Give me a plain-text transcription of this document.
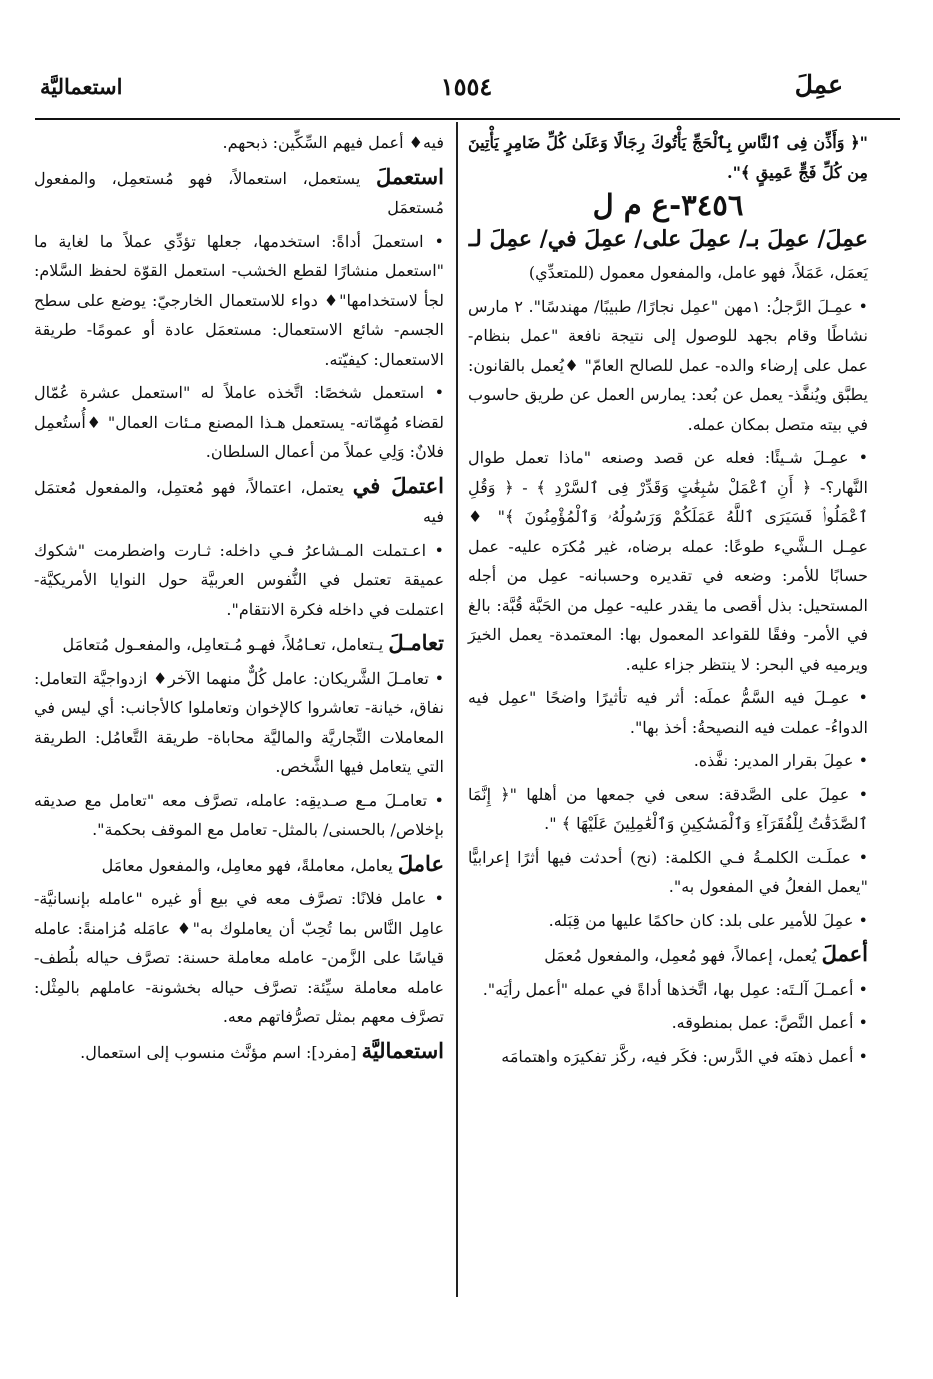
عمِلَ
١٥٥٤
استعماليَّة

"﴿ وَأَذِّن فِى ٱلنَّاسِ بِٱلْحَجِّ يَأْتُوكَ رِجَالًا وَعَلَىٰ كُلِّ ضَامِرٍ يَأْتِينَ مِن كُلِّ فَجٍّ عَمِيقٍ ﴾".

٣٤٥٦-ع م ل

عمِلَ/ عمِلَ بـ/ عمِلَ على/ عمِلَ في/ عمِلَ لـ

يَعمَل، عَمَلاً، فهو عامل، والمفعول معمول (للمتعدِّي)

• عمِـلَ الرَّجلُ: ١مهن "عمِل نجارًا/ طبيبًا/ مهندسًا". ٢ مارس نشاطًا وقام بجهد للوصول إلى نتيجة نافعة "عمل بنظام- عمل على إرضاء والده- عمل للصالح العامّ" ♦يُعمل بالقانون: يطبَّق ويُنفَّذ- يعمل عن بُعد: يمارس العمل عن طريق حاسوب في بيته متصل بمكان عمله.

• عمِـلَ شـيئًا: فعله عن قصد وصنعه "ماذا تعمل طوال النَّهار؟- ﴿ أَنِ ٱعْمَلْ سَٰبِغَٰتٍ وَقَدِّرْ فِى ٱلسَّرْدِ ﴾ - ﴿ وَقُلِ ٱعْمَلُوا۟ فَسَيَرَى ٱللَّهُ عَمَلَكُمْ وَرَسُولُهُۥ وَٱلْمُؤْمِنُونَ ﴾" ♦ عمِـل الـشَّيء طوعًا: عمله برضاه، غير مُكرَه عليه- عمل حسابًا للأمر: وضعه في تقديره وحسبانه- عمِل من أجله المستحيل: بذل أقصى ما يقدر عليه- عمِل من الحَبَّة قُبَّة: بالغ في الأمر- وفقًا للقواعد المعمول بها: المعتمدة- يعمل الخيرَ ويرميه في البحر: لا ينتظر جزاء عليه.

• عمِـلَ فيه السَّمُّ عملَه: أثر فيه تأثيرًا واضحًا "عمِل فيه الدواءُ- عملت فيه النصيحةُ: أخذ بها".

• عمِلَ بقرار المدير: نفَّذه.

• عمِلَ على الصَّدقة: سعى في جمعها من أهلها "﴿ إِنَّمَا ٱلصَّدَقَٰتُ لِلْفُقَرَآءِ وَٱلْمَسَٰكِينِ وَٱلْعَٰمِلِينَ عَلَيْهَا ﴾ ".

• عملَـت الكلمـةُ فـي الكلمة: (نح) أحدثت فيها أثرًا إعرابيًّا "يعمل الفعلُ في المفعول به".

• عمِلَ للأمير على بلد: كان حاكمًا عليها من قِبَله.

أعملَ يُعمل، إعمالاً، فهو مُعمِل، والمفعول مُعمَل

• أعمـلَ آلـتَه: عمِل بها، اتَّخذها أداةً في عمله "أعمل رأيَه".

• أعمل النَّصَّ: عمل بمنطوقه.

• أعمل ذهنَه في الدَّرس: فكَر فيه، ركَّز تفكيرَه واهتمامَه

فيه♦ أعمل فيهم السِّكِّين: ذبحهم.

استعملَ يستعمل، استعمالاً، فهو مُستعمِل، والمفعول مُستعمَل

• استعملَ أداةً: استخدمها، جعلها تؤدِّي عملاً ما لغاية ما "استعمل منشارًا لقطع الخشب- استعمل القوّة لحفظ السَّلام: لجأ لاستخدامها"♦ دواء للاستعمال الخارجيّ: يوضع على سطح الجسم- شائع الاستعمال: مستعمَل عادة أو عمومًا- طريقة الاستعمال: كيفيّته.

• استعمل شخصًا: اتَّخذه عاملاً له "استعمل عشرة عُمّال لقضاء مُهِمّاته- يستعمل هـذا المصنع مـئات العمال" ♦أُستُعمِل فلانٌ: وَلِي عملاً من أعمال السلطان.

اعتملَ في يعتمل، اعتمالاً، فهو مُعتمِل، والمفعول مُعتمَل فيه

• اعـتملت المـشاعرُ فـي داخله: ثـارت واضطرمت "شكوك عميقة تعتمل في النُّفوس العربيَّة حول النوايا الأمريكيَّة- اعتملت في داخله فكرة الانتقام".

تعامـلَ يـتعامل، تعـامُلاً، فهـو مُـتعامِل، والمفعـول مُتعامَل

• تعامـلَ الشَّريكان: عامل كُلٌّ منهما الآخر♦ ازدواجيَّة التعامل: نفاق، خيانة- تعاشروا كالإخوان وتعاملوا كالأجانب: أي ليس في المعاملات التِّجاريَّة والماليَّة محاباة- طريقة التَّعامُل: الطريقة التي يتعامل فيها الشَّخص.

• تعامـلَ مـع صـديقِه: عامله، تصرَّف معه "تعامل مع صديقه بإخلاص/ بالحسنى/ بالمثل- تعامل مع الموقف بحكمة".

عاملَ يعامل، معاملةً، فهو معامِل، والمفعول معامَل

• عامل فلانًا: تصرَّف معه في بيع أو غيره "عامله بإنسانيَّة- عامِل النَّاس بما تُحِبّ أن يعاملوك به"♦ عامَله مُزامنةً: عامله قياسًا على الزَّمن- عامله معاملة حسنة: تصرَّف حياله بلُطف- عامله معاملة سيِّئة: تصرَّف حياله بخشونة- عاملهم بالمِثْل: تصرَّف معهم بمثل تصرُّفاتهم معه.

استعماليَّة [مفرد]: اسم مؤنَّث منسوب إلى استعمال.
